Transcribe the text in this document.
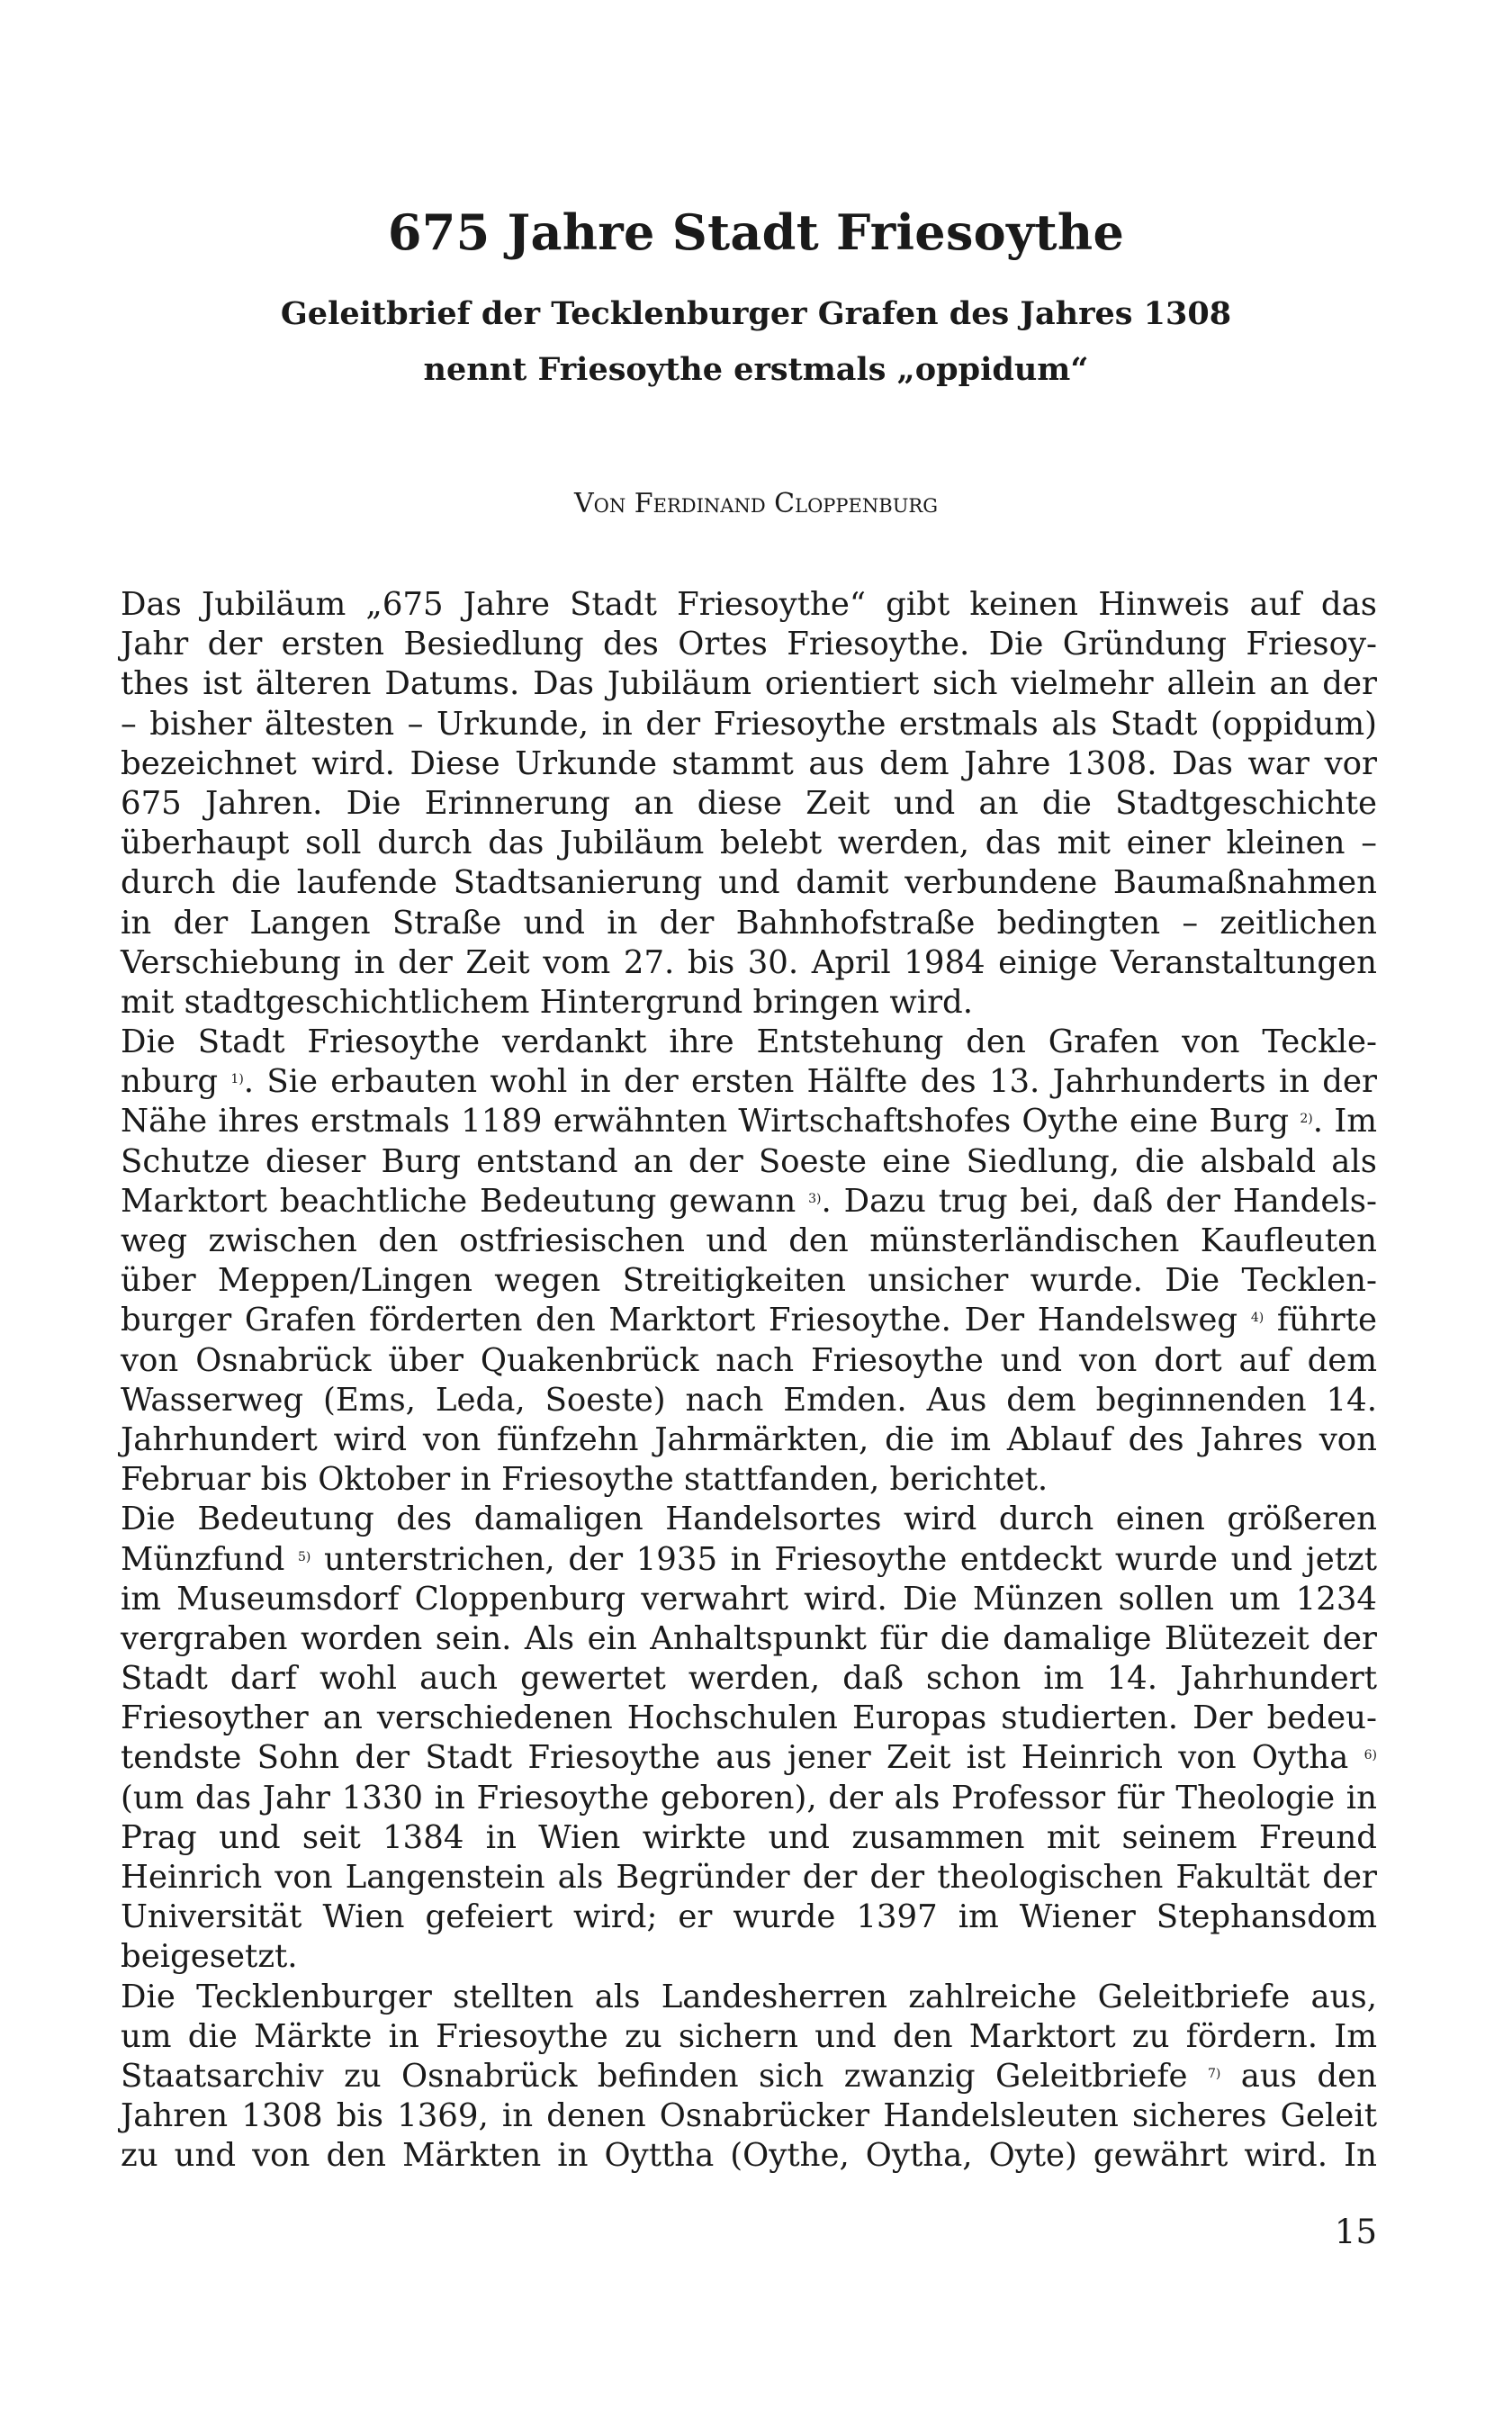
675 Jahre Stadt Friesoythe
Geleitbrief der Tecklenburger Grafen des Jahres 1308
nennt Friesoythe erstmals „oppidum“

Von Ferdinand Cloppenburg

Das Jubiläum „675 Jahre Stadt Friesoythe“ gibt keinen Hinweis auf das
Jahr der ersten Besiedlung des Ortes Friesoythe. Die Gründung Friesoy-
thes ist älteren Datums. Das Jubiläum orientiert sich vielmehr allein an der
– bisher ältesten – Urkunde, in der Friesoythe erstmals als Stadt (oppidum)
bezeichnet wird. Diese Urkunde stammt aus dem Jahre 1308. Das war vor
675 Jahren. Die Erinnerung an diese Zeit und an die Stadtgeschichte
überhaupt soll durch das Jubiläum belebt werden, das mit einer kleinen –
durch die laufende Stadtsanierung und damit verbundene Baumaßnahmen
in der Langen Straße und in der Bahnhofstraße bedingten – zeitlichen
Verschiebung in der Zeit vom 27. bis 30. April 1984 einige Veranstaltungen
mit stadtgeschichtlichem Hintergrund bringen wird.
Die Stadt Friesoythe verdankt ihre Entstehung den Grafen von Teckle-
nburg $^{1)}$. Sie erbauten wohl in der ersten Hälfte des 13. Jahrhunderts in der
Nähe ihres erstmals 1189 erwähnten Wirtschaftshofes Oythe eine Burg $^{2)}$. Im
Schutze dieser Burg entstand an der Soeste eine Siedlung, die alsbald als
Marktort beachtliche Bedeutung gewann $^{3)}$. Dazu trug bei, daß der Handels-
weg zwischen den ostfriesischen und den münsterländischen Kaufleuten
über Meppen/Lingen wegen Streitigkeiten unsicher wurde. Die Tecklen-
burger Grafen förderten den Marktort Friesoythe. Der Handelsweg $^{4)}$ führte
von Osnabrück über Quakenbrück nach Friesoythe und von dort auf dem
Wasserweg (Ems, Leda, Soeste) nach Emden. Aus dem beginnenden 14.
Jahrhundert wird von fünfzehn Jahrmärkten, die im Ablauf des Jahres von
Februar bis Oktober in Friesoythe stattfanden, berichtet.
Die Bedeutung des damaligen Handelsortes wird durch einen größeren
Münzfund $^{5)}$ unterstrichen, der 1935 in Friesoythe entdeckt wurde und jetzt
im Museumsdorf Cloppenburg verwahrt wird. Die Münzen sollen um 1234
vergraben worden sein. Als ein Anhaltspunkt für die damalige Blütezeit der
Stadt darf wohl auch gewertet werden, daß schon im 14. Jahrhundert
Friesoyther an verschiedenen Hochschulen Europas studierten. Der bedeu-
tendste Sohn der Stadt Friesoythe aus jener Zeit ist Heinrich von Oytha $^{6)}$
(um das Jahr 1330 in Friesoythe geboren), der als Professor für Theologie in
Prag und seit 1384 in Wien wirkte und zusammen mit seinem Freund
Heinrich von Langenstein als Begründer der der theologischen Fakultät der
Universität Wien gefeiert wird; er wurde 1397 im Wiener Stephansdom
beigesetzt.
Die Tecklenburger stellten als Landesherren zahlreiche Geleitbriefe aus,
um die Märkte in Friesoythe zu sichern und den Marktort zu fördern. Im
Staatsarchiv zu Osnabrück befinden sich zwanzig Geleitbriefe $^{7)}$ aus den
Jahren 1308 bis 1369, in denen Osnabrücker Handelsleuten sicheres Geleit
zu und von den Märkten in Oyttha (Oythe, Oytha, Oyte) gewährt wird. In

15
